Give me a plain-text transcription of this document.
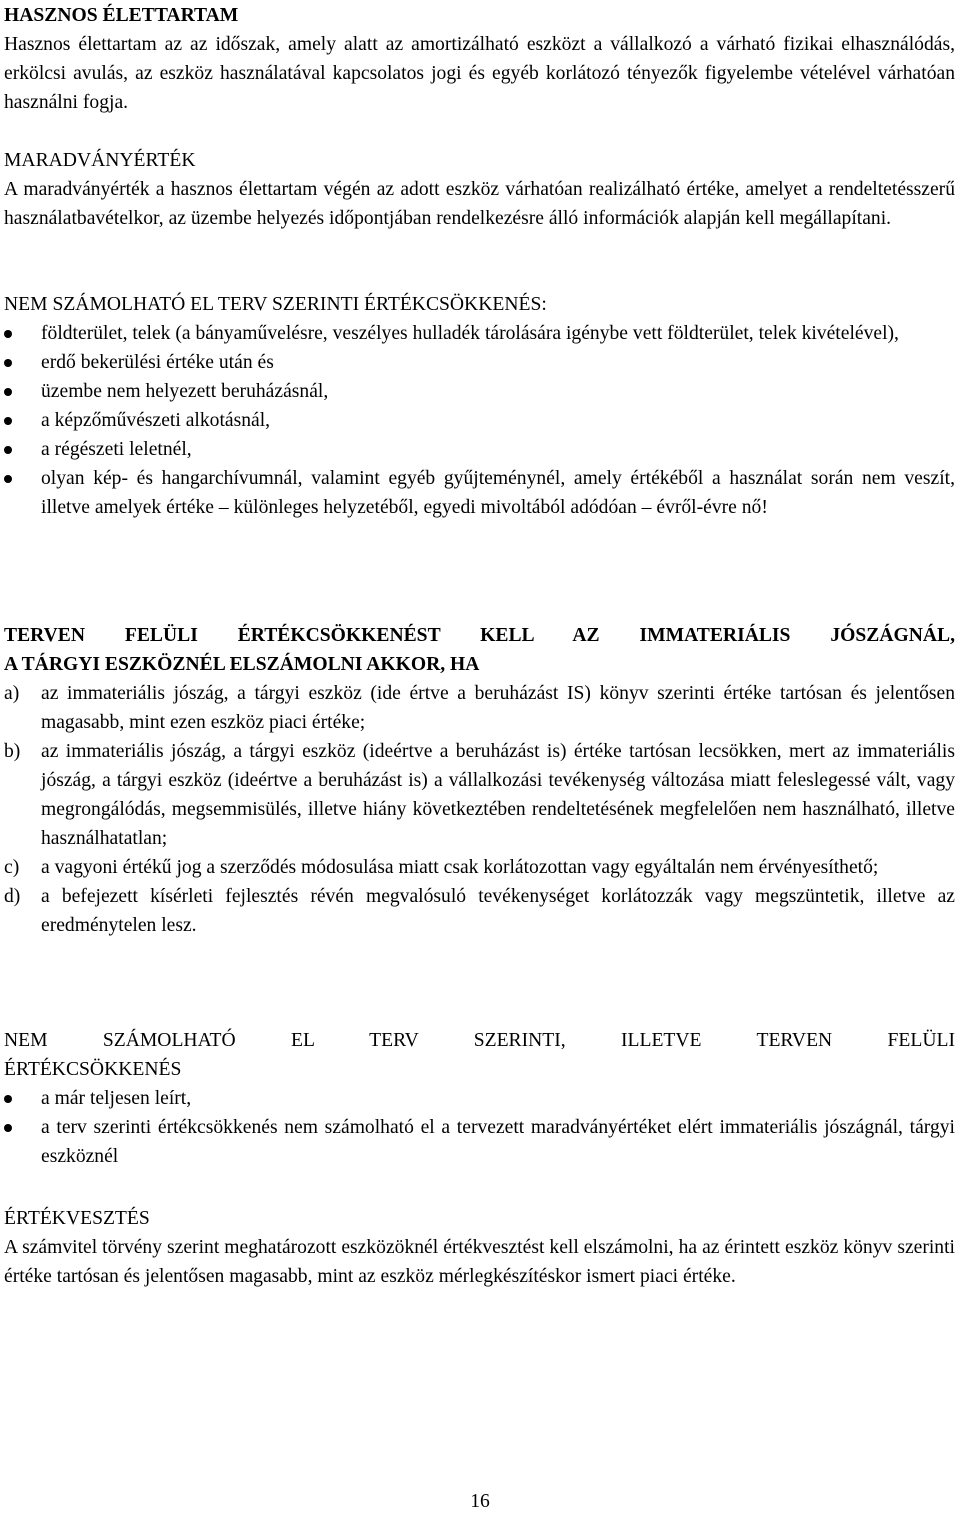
HASZNOS ÉLETTARTAM

Hasznos élettartam az az időszak, amely alatt az amortizálható eszközt a vállalkozó a várható fizikai elhasználódás, erkölcsi avulás, az eszköz használatával kapcsolatos jogi és egyéb korlátozó tényezők figyelembe vételével várhatóan használni fogja.

MARADVÁNYÉRTÉK

A maradványérték a hasznos élettartam végén az adott eszköz várhatóan realizálható értéke, amelyet a rendeltetésszerű használatbavételkor, az üzembe helyezés időpontjában rendelkezésre álló információk alapján kell megállapítani.

NEM SZÁMOLHATÓ EL TERV SZERINTI ÉRTÉKCSÖKKENÉS:

földterület, telek (a bányaművelésre, veszélyes hulladék tárolására igénybe vett földterület, telek kivételével),
erdő bekerülési értéke után és
üzembe nem helyezett beruházásnál,
a képzőművészeti alkotásnál,
a régészeti leletnél,
olyan kép- és hangarchívumnál, valamint egyéb gyűjteménynél, amely értékéből a használat során nem veszít, illetve amelyek értéke – különleges helyzetéből, egyedi mivoltából adódóan – évről-évre nő!

TERVEN FELÜLI ÉRTÉKCSÖKKENÉST KELL AZ IMMATERIÁLIS JÓSZÁGNÁL,

A TÁRGYI ESZKÖZNÉL ELSZÁMOLNI AKKOR, HA

a) az immateriális jószág, a tárgyi eszköz (ide értve a beruházást IS) könyv szerinti értéke tartósan és jelentősen magasabb, mint ezen eszköz piaci értéke;
b) az immateriális jószág, a tárgyi eszköz (ideértve a beruházást is) értéke tartósan lecsökken, mert az immateriális jószág, a tárgyi eszköz (ideértve a beruházást is) a vállalkozási tevékenység változása miatt feleslegessé vált, vagy megrongálódás, megsemmisülés, illetve hiány következtében rendeltetésének megfelelően nem használható, illetve használhatatlan;
c) a vagyoni értékű jog a szerződés módosulása miatt csak korlátozottan vagy egyáltalán nem érvényesíthető;
d) a befejezett kísérleti fejlesztés révén megvalósuló tevékenységet korlátozzák vagy megszüntetik, illetve az eredménytelen lesz.

NEM SZÁMOLHATÓ EL TERV SZERINTI, ILLETVE TERVEN FELÜLI

ÉRTÉKCSÖKKENÉS

a már teljesen leírt,
a terv szerinti értékcsökkenés nem számolható el a tervezett maradványértéket elért immateriális jószágnál, tárgyi eszköznél

ÉRTÉKVESZTÉS

A számvitel törvény szerint meghatározott eszközöknél értékvesztést kell elszámolni, ha az érintett eszköz könyv szerinti értéke tartósan és jelentősen magasabb, mint az eszköz mérlegkészítéskor ismert piaci értéke.

16
